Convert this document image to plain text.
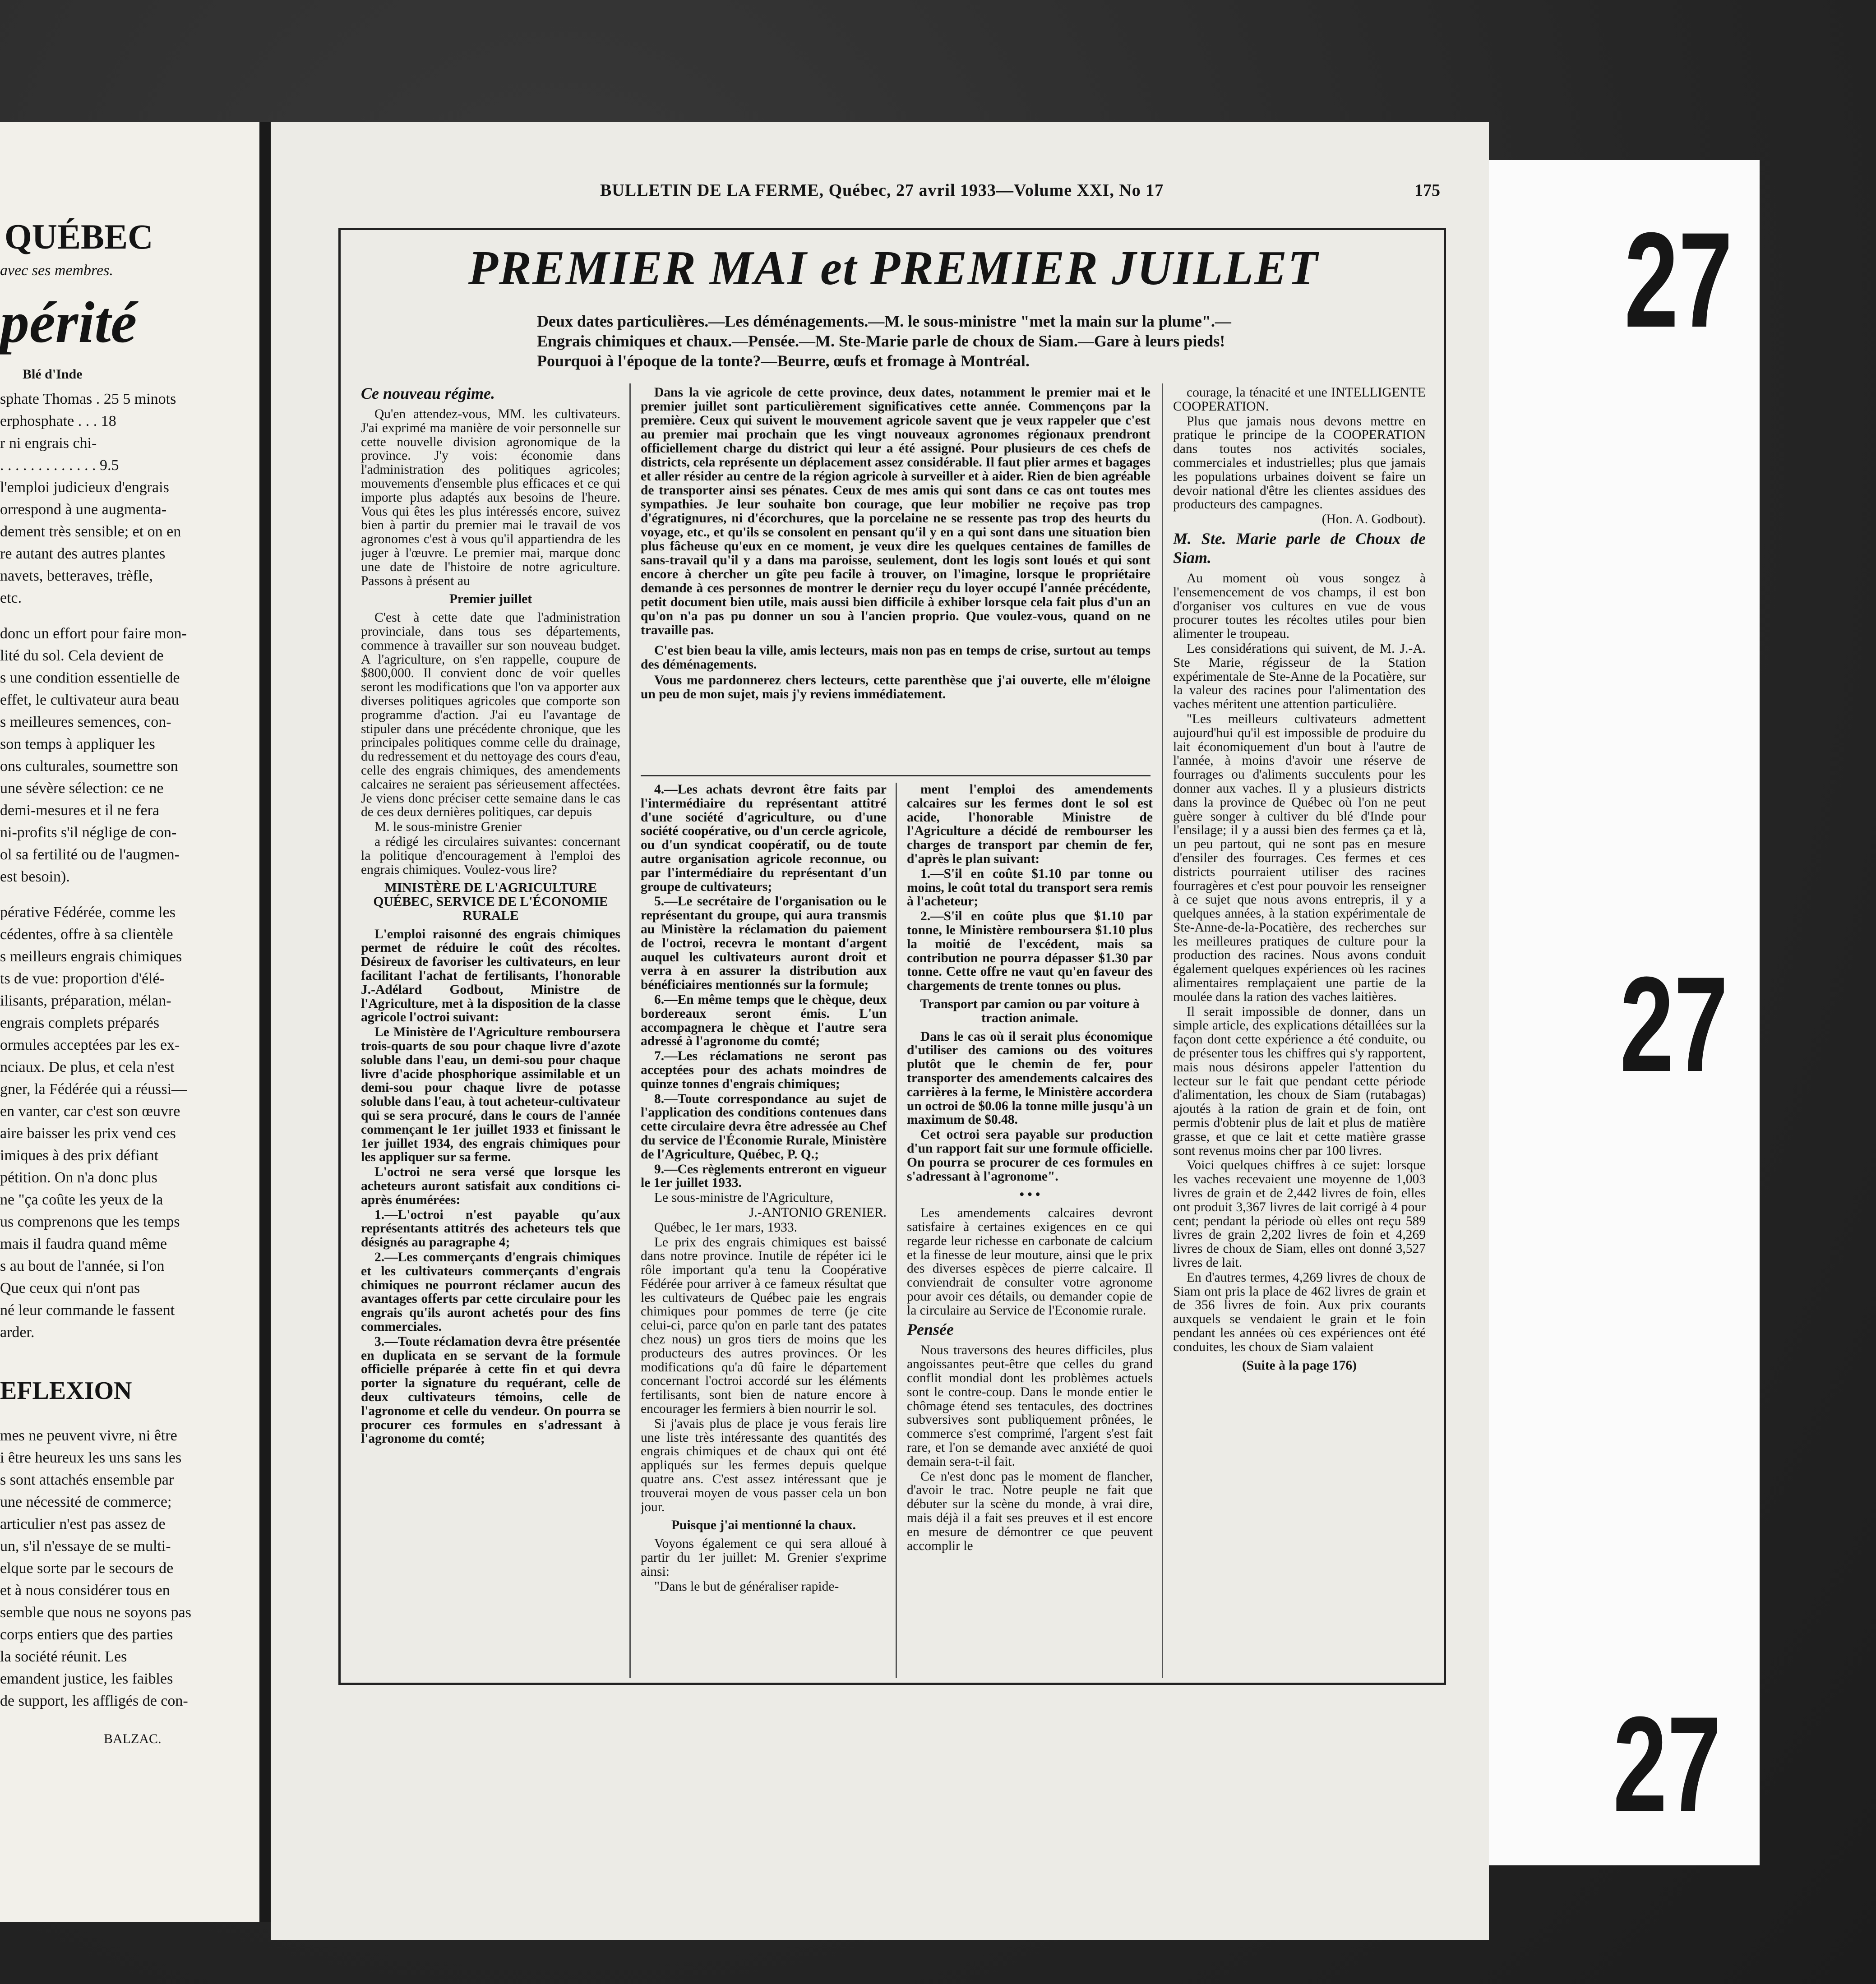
QUÉBEC
avec ses membres.
périté
Blé d'Inde
sphate Thomas . 25 5 minots
erphosphate . . . 18
r ni engrais chi-
. . . . . . . . . . . . . 9.5
l'emploi judicieux d'engrais
orrespond à une augmenta-
dement très sensible; et on en
re autant des autres plantes
navets, betteraves, trèfle,
etc.
donc un effort pour faire mon-
lité du sol. Cela devient de
s une condition essentielle de
effet, le cultivateur aura beau
s meilleures semences, con-
son temps à appliquer les
ons culturales, soumettre son
une sévère sélection: ce ne
demi-mesures et il ne fera
ni-profits s'il néglige de con-
ol sa fertilité ou de l'augmen-
est besoin).
pérative Fédérée, comme les
cédentes, offre à sa clientèle
s meilleurs engrais chimiques
ts de vue: proportion d'élé-
ilisants, préparation, mélan-
engrais complets préparés
ormules acceptées par les ex-
nciaux. De plus, et cela n'est
gner, la Fédérée qui a réussi—
en vanter, car c'est son œuvre
aire baisser les prix vend ces
imiques à des prix défiant
pétition. On n'a donc plus
ne "ça coûte les yeux de la
us comprenons que les temps
mais il faudra quand même
s au bout de l'année, si l'on
Que ceux qui n'ont pas
né leur commande le fassent
arder.
EFLEXION
mes ne peuvent vivre, ni être
i être heureux les uns sans les
s sont attachés ensemble par
une nécessité de commerce;
articulier n'est pas assez de
un, s'il n'essaye de se multi-
elque sorte par le secours de
et à nous considérer tous en
semble que nous ne soyons pas
corps entiers que des parties
la société réunit. Les
emandent justice, les faibles
de support, les affligés de con-
BALZAC.
27
27
27
BULLETIN DE LA FERME, Québec, 27 avril 1933—Volume XXI, No 17	175
PREMIER MAI et PREMIER JUILLET
Deux dates particulières.—Les déménagements.—M. le sous-ministre "met la main sur la plume".—Engrais chimiques et chaux.—Pensée.—M. Ste-Marie parle de choux de Siam.—Gare à leurs pieds! Pourquoi à l'époque de la tonte?—Beurre, œufs et fromage à Montréal.

Ce nouveau régime.

Qu'en attendez-vous, MM. les cultivateurs. J'ai exprimé ma manière de voir personnelle sur cette nouvelle division agronomique de la province. J'y vois: économie dans l'administration des politiques agricoles; mouvements d'ensemble plus efficaces et ce qui importe plus adaptés aux besoins de l'heure. Vous qui êtes les plus intéressés encore, suivez bien à partir du premier mai le travail de vos agronomes c'est à vous qu'il appartiendra de les juger à l'œuvre. Le premier mai, marque donc une date de l'histoire de notre agriculture. Passons à présent au

Premier juillet

C'est à cette date que l'administration provinciale, dans tous ses départements, commence à travailler sur son nouveau budget. A l'agriculture, on s'en rappelle, coupure de $800,000. Il convient donc de voir quelles seront les modifications que l'on va apporter aux diverses politiques agricoles que comporte son programme d'action. J'ai eu l'avantage de stipuler dans une précédente chronique, que les principales politiques comme celle du drainage, du redressement et du nettoyage des cours d'eau, celle des engrais chimiques, des amendements calcaires ne seraient pas sérieusement affectées. Je viens donc préciser cette semaine dans le cas de ces deux dernières politiques, car depuis

M. le sous-ministre Grenier

a rédigé les circulaires suivantes: concernant la politique d'encouragement à l'emploi des engrais chimiques. Voulez-vous lire?

MINISTÈRE DE L'AGRICULTURE QUÉBEC, SERVICE DE L'ÉCONOMIE RURALE

L'emploi raisonné des engrais chimiques permet de réduire le coût des récoltes. Désireux de favoriser les cultivateurs, en leur facilitant l'achat de fertilisants, l'honorable J.-Adélard Godbout, Ministre de l'Agriculture, met à la disposition de la classe agricole l'octroi suivant:

Le Ministère de l'Agriculture remboursera trois-quarts de sou pour chaque livre d'azote soluble dans l'eau, un demi-sou pour chaque livre d'acide phosphorique assimilable et un demi-sou pour chaque livre de potasse soluble dans l'eau, à tout acheteur-cultivateur qui se sera procuré, dans le cours de l'année commençant le 1er juillet 1933 et finissant le 1er juillet 1934, des engrais chimiques pour les appliquer sur sa ferme.

L'octroi ne sera versé que lorsque les acheteurs auront satisfait aux conditions ci-après énumérées:

1.—L'octroi n'est payable qu'aux représentants attitrés des acheteurs tels que désignés au paragraphe 4;

2.—Les commerçants d'engrais chimiques et les cultivateurs commerçants d'engrais chimiques ne pourront réclamer aucun des avantages offerts par cette circulaire pour les engrais qu'ils auront achetés pour des fins commerciales.

3.—Toute réclamation devra être présentée en duplicata en se servant de la formule officielle préparée à cette fin et qui devra porter la signature du requérant, celle de deux cultivateurs témoins, celle de l'agronome et celle du vendeur. On pourra se procurer ces formules en s'adressant à l'agronome du comté;

Dans la vie agricole de cette province, deux dates, notamment le premier mai et le premier juillet sont particulièrement significatives cette année. Commençons par la première. Ceux qui suivent le mouvement agricole savent que je veux rappeler que c'est au premier mai prochain que les vingt nouveaux agronomes régionaux prendront officiellement charge du district qui leur a été assigné. Pour plusieurs de ces chefs de districts, cela représente un déplacement assez considérable. Il faut plier armes et bagages et aller résider au centre de la région agricole à surveiller et à aider. Rien de bien agréable de transporter ainsi ses pénates. Ceux de mes amis qui sont dans ce cas ont toutes mes sympathies. Je leur souhaite bon courage, que leur mobilier ne reçoive pas trop d'égratignures, ni d'écorchures, que la porcelaine ne se ressente pas trop des heurts du voyage, etc., et qu'ils se consolent en pensant qu'il y en a qui sont dans une situation bien plus fâcheuse qu'eux en ce moment, je veux dire les quelques centaines de familles de sans-travail qu'il y a dans ma paroisse, seulement, dont les logis sont loués et qui sont encore à chercher un gîte peu facile à trouver, on l'imagine, lorsque le propriétaire demande à ces personnes de montrer le dernier reçu du loyer occupé l'année précédente, petit document bien utile, mais aussi bien difficile à exhiber lorsque cela fait plus d'un an qu'on n'a pas pu donner un sou à l'ancien proprio. Que voulez-vous, quand on ne travaille pas.

C'est bien beau la ville, amis lecteurs, mais non pas en temps de crise, surtout au temps des déménagements.

Vous me pardonnerez chers lecteurs, cette parenthèse que j'ai ouverte, elle m'éloigne un peu de mon sujet, mais j'y reviens immédiatement.

4.—Les achats devront être faits par l'intermédiaire du représentant attitré d'une société d'agriculture, ou d'une société coopérative, ou d'un cercle agricole, ou d'un syndicat coopératif, ou de toute autre organisation agricole reconnue, ou par l'intermédiaire du représentant d'un groupe de cultivateurs;

5.—Le secrétaire de l'organisation ou le représentant du groupe, qui aura transmis au Ministère la réclamation du paiement de l'octroi, recevra le montant d'argent auquel les cultivateurs auront droit et verra à en assurer la distribution aux bénéficiaires mentionnés sur la formule;

6.—En même temps que le chèque, deux bordereaux seront émis. L'un accompagnera le chèque et l'autre sera adressé à l'agronome du comté;

7.—Les réclamations ne seront pas acceptées pour des achats moindres de quinze tonnes d'engrais chimiques;

8.—Toute correspondance au sujet de l'application des conditions contenues dans cette circulaire devra être adressée au Chef du service de l'Économie Rurale, Ministère de l'Agriculture, Québec, P. Q.;

9.—Ces règlements entreront en vigueur le 1er juillet 1933.

Le sous-ministre de l'Agriculture,

J.-ANTONIO GRENIER.

Québec, le 1er mars, 1933.

Le prix des engrais chimiques est baissé dans notre province. Inutile de répéter ici le rôle important qu'a tenu la Coopérative Fédérée pour arriver à ce fameux résultat que les cultivateurs de Québec paie les engrais chimiques pour pommes de terre (je cite celui-ci, parce qu'on en parle tant des patates chez nous) un gros tiers de moins que les producteurs des autres provinces. Or les modifications qu'a dû faire le département concernant l'octroi accordé sur les éléments fertilisants, sont bien de nature encore à encourager les fermiers à bien nourrir le sol.

Si j'avais plus de place je vous ferais lire une liste très intéressante des quantités des engrais chimiques et de chaux qui ont été appliqués sur les fermes depuis quelque quatre ans. C'est assez intéressant que je trouverai moyen de vous passer cela un bon jour.

Puisque j'ai mentionné la chaux.

Voyons également ce qui sera alloué à partir du 1er juillet: M. Grenier s'exprime ainsi:

"Dans le but de généraliser rapide-

ment l'emploi des amendements calcaires sur les fermes dont le sol est acide, l'honorable Ministre de l'Agriculture a décidé de rembourser les charges de transport par chemin de fer, d'après le plan suivant:

1.—S'il en coûte $1.10 par tonne ou moins, le coût total du transport sera remis à l'acheteur;

2.—S'il en coûte plus que $1.10 par tonne, le Ministère remboursera $1.10 plus la moitié de l'excédent, mais sa contribution ne pourra dépasser $1.30 par tonne. Cette offre ne vaut qu'en faveur des chargements de trente tonnes ou plus.

Transport par camion ou par voiture à traction animale.

Dans le cas où il serait plus économique d'utiliser des camions ou des voitures plutôt que le chemin de fer, pour transporter des amendements calcaires des carrières à la ferme, le Ministère accordera un octroi de $0.06 la tonne mille jusqu'à un maximum de $0.48.

Cet octroi sera payable sur production d'un rapport fait sur une formule officielle. On pourra se procurer de ces formules en s'adressant à l'agronome".

• • •

Les amendements calcaires devront satisfaire à certaines exigences en ce qui regarde leur richesse en carbonate de calcium et la finesse de leur mouture, ainsi que le prix des diverses espèces de pierre calcaire. Il conviendrait de consulter votre agronome pour avoir ces détails, ou demander copie de la circulaire au Service de l'Economie rurale.

Pensée

Nous traversons des heures difficiles, plus angoissantes peut-être que celles du grand conflit mondial dont les problèmes actuels sont le contre-coup. Dans le monde entier le chômage étend ses tentacules, des doctrines subversives sont publiquement prônées, le commerce s'est comprimé, l'argent s'est fait rare, et l'on se demande avec anxiété de quoi demain sera-t-il fait.

Ce n'est donc pas le moment de flancher, d'avoir le trac. Notre peuple ne fait que débuter sur la scène du monde, à vrai dire, mais déjà il a fait ses preuves et il est encore en mesure de démontrer ce que peuvent accomplir le

courage, la ténacité et une INTELLIGENTE COOPERATION.

Plus que jamais nous devons mettre en pratique le principe de la COOPERATION dans toutes nos activités sociales, commerciales et industrielles; plus que jamais les populations urbaines doivent se faire un devoir national d'être les clientes assidues des producteurs des campagnes.

(Hon. A. Godbout).

M. Ste. Marie parle de Choux de Siam.

Au moment où vous songez à l'ensemencement de vos champs, il est bon d'organiser vos cultures en vue de vous procurer toutes les récoltes utiles pour bien alimenter le troupeau.

Les considérations qui suivent, de M. J.-A. Ste Marie, régisseur de la Station expérimentale de Ste-Anne de la Pocatière, sur la valeur des racines pour l'alimentation des vaches méritent une attention particulière.

"Les meilleurs cultivateurs admettent aujourd'hui qu'il est impossible de produire du lait économiquement d'un bout à l'autre de l'année, à moins d'avoir une réserve de fourrages ou d'aliments succulents pour les donner aux vaches. Il y a plusieurs districts dans la province de Québec où l'on ne peut guère songer à cultiver du blé d'Inde pour l'ensilage; il y a aussi bien des fermes ça et là, un peu partout, qui ne sont pas en mesure d'ensiler des fourrages. Ces fermes et ces districts pourraient utiliser des racines fourragères et c'est pour pouvoir les renseigner à ce sujet que nous avons entrepris, il y a quelques années, à la station expérimentale de Ste-Anne-de-la-Pocatière, des recherches sur les meilleures pratiques de culture pour la production des racines. Nous avons conduit également quelques expériences où les racines alimentaires remplaçaient une partie de la moulée dans la ration des vaches laitières.

Il serait impossible de donner, dans un simple article, des explications détaillées sur la façon dont cette expérience a été conduite, ou de présenter tous les chiffres qui s'y rapportent, mais nous désirons appeler l'attention du lecteur sur le fait que pendant cette période d'alimentation, les choux de Siam (rutabagas) ajoutés à la ration de grain et de foin, ont permis d'obtenir plus de lait et plus de matière grasse, et que ce lait et cette matière grasse sont revenus moins cher par 100 livres.

Voici quelques chiffres à ce sujet: lorsque les vaches recevaient une moyenne de 1,003 livres de grain et de 2,442 livres de foin, elles ont produit 3,367 livres de lait corrigé à 4 pour cent; pendant la période où elles ont reçu 589 livres de grain 2,202 livres de foin et 4,269 livres de choux de Siam, elles ont donné 3,527 livres de lait.

En d'autres termes, 4,269 livres de choux de Siam ont pris la place de 462 livres de grain et de 356 livres de foin. Aux prix courants auxquels se vendaient le grain et le foin pendant les années où ces expériences ont été conduites, les choux de Siam valaient

(Suite à la page 176)
